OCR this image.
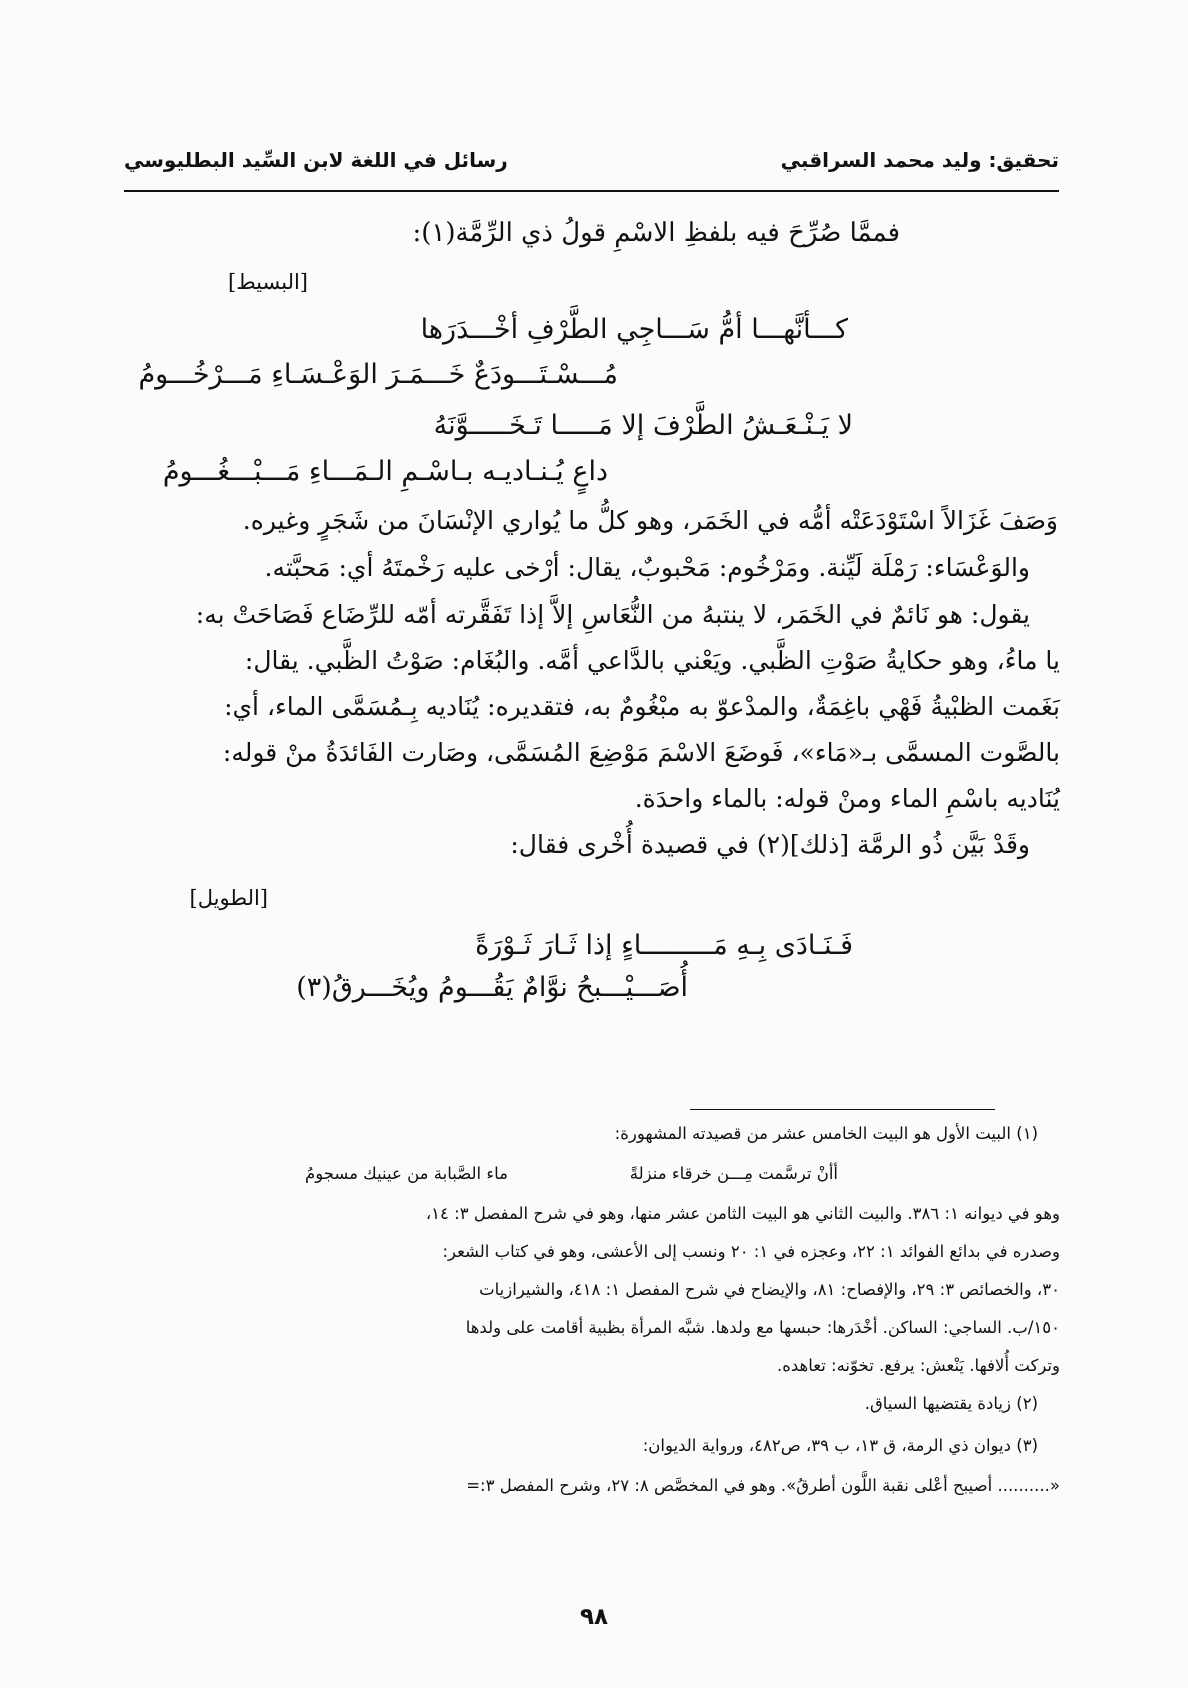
رسائل في اللغة لابن السِّيد البطليوسي	تحقيق: وليد محمد السراقبي
فممَّا صُرِّحَ فيه بلفظِ الاسْمِ قولُ ذي الرِّمَّة(١):
[البسيط]
كـــأنَّهـــا أمُّ سَـــاجِي الطَّرْفِ أخْـــدَرَها
مُـــسْـتَـــودَعٌ خَـــمَـرَ الوَعْـسَـاءِ مَـــرْخُـــومُ
لا يَـنْـعَـشُ الطَّرْفَ إلا مَـــــا تَـخَـــــوَّنَهُ
داعٍ يُـنـاديـه بـاسْـمِ الـمَـــاءِ مَـــبْـــغُـــومُ
وَصَفَ غَزَالاً اسْتَوْدَعَتْه أمُّه في الخَمَر، وهو كلُّ ما يُواري الإنْسَانَ من شَجَرٍ وغيره.
والوَعْسَاء: رَمْلَة لَيِّنة. ومَرْخُوم: مَحْبوبٌ، يقال: أرْخى عليه رَخْمتَهُ أي: مَحبَّته.
يقول: هو نَائمٌ في الخَمَر، لا ينتبهُ من النُّعَاسِ إلاَّ إذا تَفَقَّرته أمّه للرِّضَاع فَصَاحَتْ به:
يا ماءُ، وهو حكايةُ صَوْتِ الظَّبي. ويَعْني بالدَّاعي أمَّه. والبُغَام: صَوْتُ الظَّبي. يقال:
بَغَمت الظبْيةُ فَهْي باغِمَةٌ، والمدْعوّ به مبْغُومٌ به، فتقديره: يُنَاديه بِـمُسَمَّى الماء، أي:
بالصَّوت المسمَّى بـ«مَاء»، فَوضَعَ الاسْمَ مَوْضِعَ المُسَمَّى، وصَارت الفَائدَةُ منْ قوله:
يُنَاديه باسْمِ الماء ومنْ قوله: بالماء واحدَة.
وقَدْ بَيَّن ذُو الرمَّة [ذلك](٢) في قصيدة أُخْرى فقال:
[الطويل]
فَـنَـادَى بِـهِ مَـــــــــاءٍ إذا ثَـارَ ثَـوْرَةً
أُصَـــيْـــبحُ نوَّامٌ يَقُـــومُ ويُخَـــرقُ(٣)
(١) البيت الأول هو البيت الخامس عشر من قصيدته المشهورة:
أأنْ ترسَّمت مِـــن خرقاء منزلةً
ماء الصَّبابة من عينيك مسجومُ
وهو في ديوانه ١: ٣٨٦. والبيت الثاني هو البيت الثامن عشر منها، وهو في شرح المفصل ٣: ١٤،
وصدره في بدائع الفوائد ١: ٢٢، وعجزه في ١: ٢٠ ونسب إلى الأعشى، وهو في كتاب الشعر:
٣٠، والخصائص ٣: ٢٩، والإفصاح: ٨١، والإيضاح في شرح المفصل ١: ٤١٨، والشيرازيات
١٥٠/ب. الساجي: الساكن. أخْدَرها: حبسها مع ولدها. شبَّه المرأة بظبية أقامت على ولدها
وتركت أُلافها. يَنْعش: يرفع. تخوّنه: تعاهده.
(٢) زيادة يقتضيها السياق.
(٣) ديوان ذي الرمة، ق ١٣، ب ٣٩، ص٤٨٢، ورواية الديوان:
«.......... أصيبح أعْلى نقبة اللَّون أطرقُ». وهو في المخصَّص ٨: ٢٧، وشرح المفصل ٣:=
٩٨
